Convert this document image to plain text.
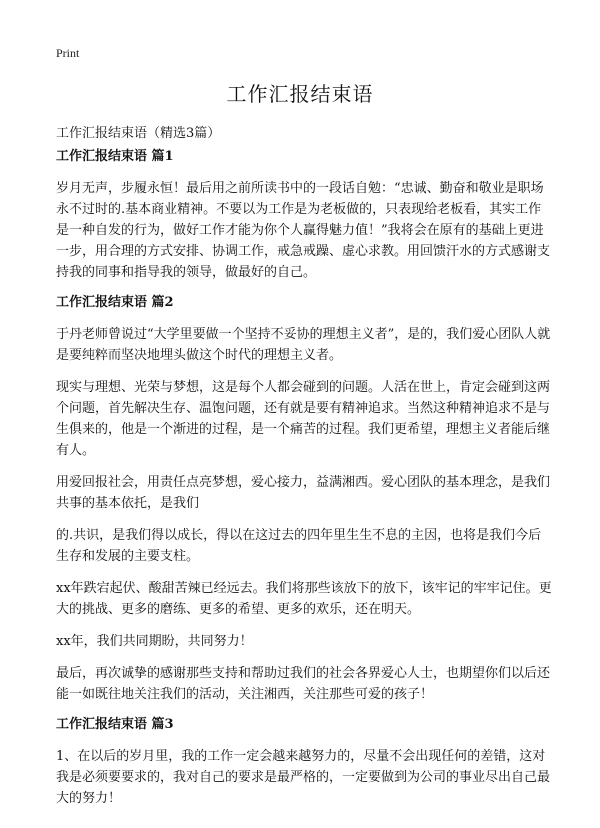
Print
工作汇报结束语
工作汇报结束语（精选3篇）
工作汇报结束语 篇1

岁月无声，步履永恒！最后用之前所读书中的一段话自勉：“忠诚、勤奋和敬业是职场永不过时的.基本商业精神。不要以为工作是为老板做的，只表现给老板看，其实工作是一种自发的行为，做好工作才能为你个人赢得魅力值！”我将会在原有的基础上更进一步，用合理的方式安排、协调工作，戒急戒躁、虚心求教。用回馈汗水的方式感谢支持我的同事和指导我的领导，做最好的自己。

工作汇报结束语 篇2

于丹老师曾说过“大学里要做一个坚持不妥协的理想主义者”，是的，我们爱心团队人就是要纯粹而坚决地埋头做这个时代的理想主义者。

现实与理想、光荣与梦想，这是每个人都会碰到的问题。人活在世上，肯定会碰到这两个问题，首先解决生存、温饱问题，还有就是要有精神追求。当然这种精神追求不是与生俱来的，他是一个渐进的过程，是一个痛苦的过程。我们更希望，理想主义者能后继有人。

用爱回报社会，用责任点亮梦想，爱心接力，益满湘西。爱心团队的基本理念，是我们共事的基本依托，是我们

的.共识，是我们得以成长，得以在这过去的四年里生生不息的主因，也将是我们今后生存和发展的主要支柱。

xx年跌宕起伏、酸甜苦辣已经远去。我们将那些该放下的放下，该牢记的牢牢记住。更大的挑战、更多的磨练、更多的希望、更多的欢乐，还在明天。

xx年，我们共同期盼，共同努力！

最后，再次诚挚的感谢那些支持和帮助过我们的社会各界爱心人士，也期望你们以后还能一如既往地关注我们的活动，关注湘西，关注那些可爱的孩子！

工作汇报结束语 篇3

1、在以后的岁月里，我的工作一定会越来越努力的，尽量不会出现任何的差错，这对我是必须要要求的，我对自己的要求是最严格的，一定要做到为公司的事业尽出自己最大的努力！
